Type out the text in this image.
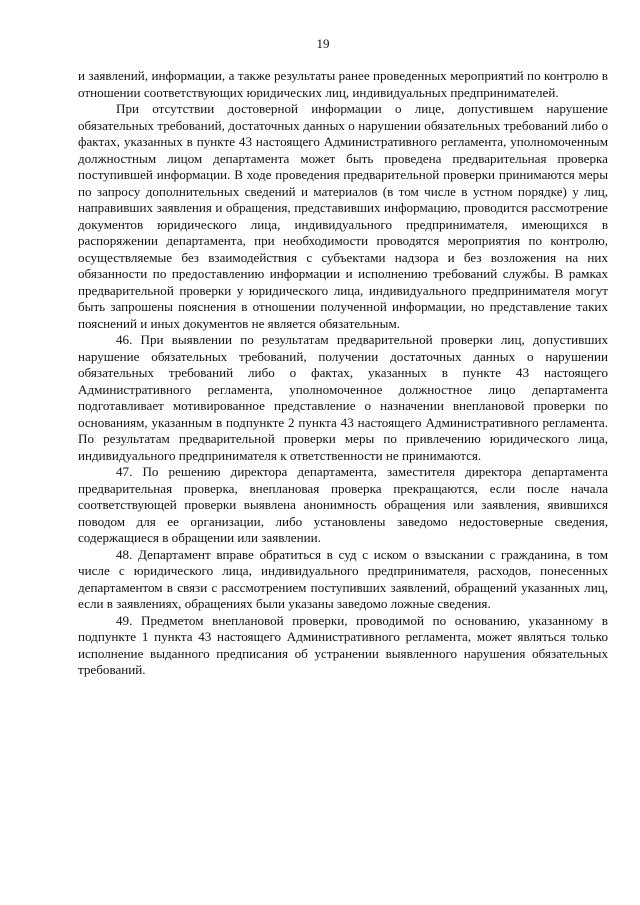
19

и заявлений, информации, а также результаты ранее проведенных мероприятий по контролю в отношении соответствующих юридических лиц, индивидуальных предпринимателей.

При отсутствии достоверной информации о лице, допустившем нарушение обязательных требований, достаточных данных о нарушении обязательных требований либо о фактах, указанных в пункте 43 настоящего Административного регламента, уполномоченным должностным лицом департамента может быть проведена предварительная проверка поступившей информации. В ходе проведения предварительной проверки принимаются меры по запросу дополнительных сведений и материалов (в том числе в устном порядке) у лиц, направивших заявления и обращения, представивших информацию, проводится рассмотрение документов юридического лица, индивидуального предпринимателя, имеющихся в распоряжении департамента, при необходимости проводятся мероприятия по контролю, осуществляемые без взаимодействия с субъектами надзора и без возложения на них обязанности по предоставлению информации и исполнению требований службы. В рамках предварительной проверки у юридического лица, индивидуального предпринимателя могут быть запрошены пояснения в отношении полученной информации, но представление таких пояснений и иных документов не является обязательным.

46. При выявлении по результатам предварительной проверки лиц, допустивших нарушение обязательных требований, получении достаточных данных о нарушении обязательных требований либо о фактах, указанных в пункте 43 настоящего Административного регламента, уполномоченное должностное лицо департамента подготавливает мотивированное представление о назначении внеплановой проверки по основаниям, указанным в подпункте 2 пункта 43 настоящего Административного регламента. По результатам предварительной проверки меры по привлечению юридического лица, индивидуального предпринимателя к ответственности не принимаются.

47. По решению директора департамента, заместителя директора департамента предварительная проверка, внеплановая проверка прекращаются, если после начала соответствующей проверки выявлена анонимность обращения или заявления, явившихся поводом для ее организации, либо установлены заведомо недостоверные сведения, содержащиеся в обращении или заявлении.

48. Департамент вправе обратиться в суд с иском о взыскании с гражданина, в том числе с юридического лица, индивидуального предпринимателя, расходов, понесенных департаментом в связи с рассмотрением поступивших заявлений, обращений указанных лиц, если в заявлениях, обращениях были указаны заведомо ложные сведения.

49. Предметом внеплановой проверки, проводимой по основанию, указанному в подпункте 1 пункта 43 настоящего Административного регламента, может являться только исполнение выданного предписания об устранении выявленного нарушения обязательных требований.
